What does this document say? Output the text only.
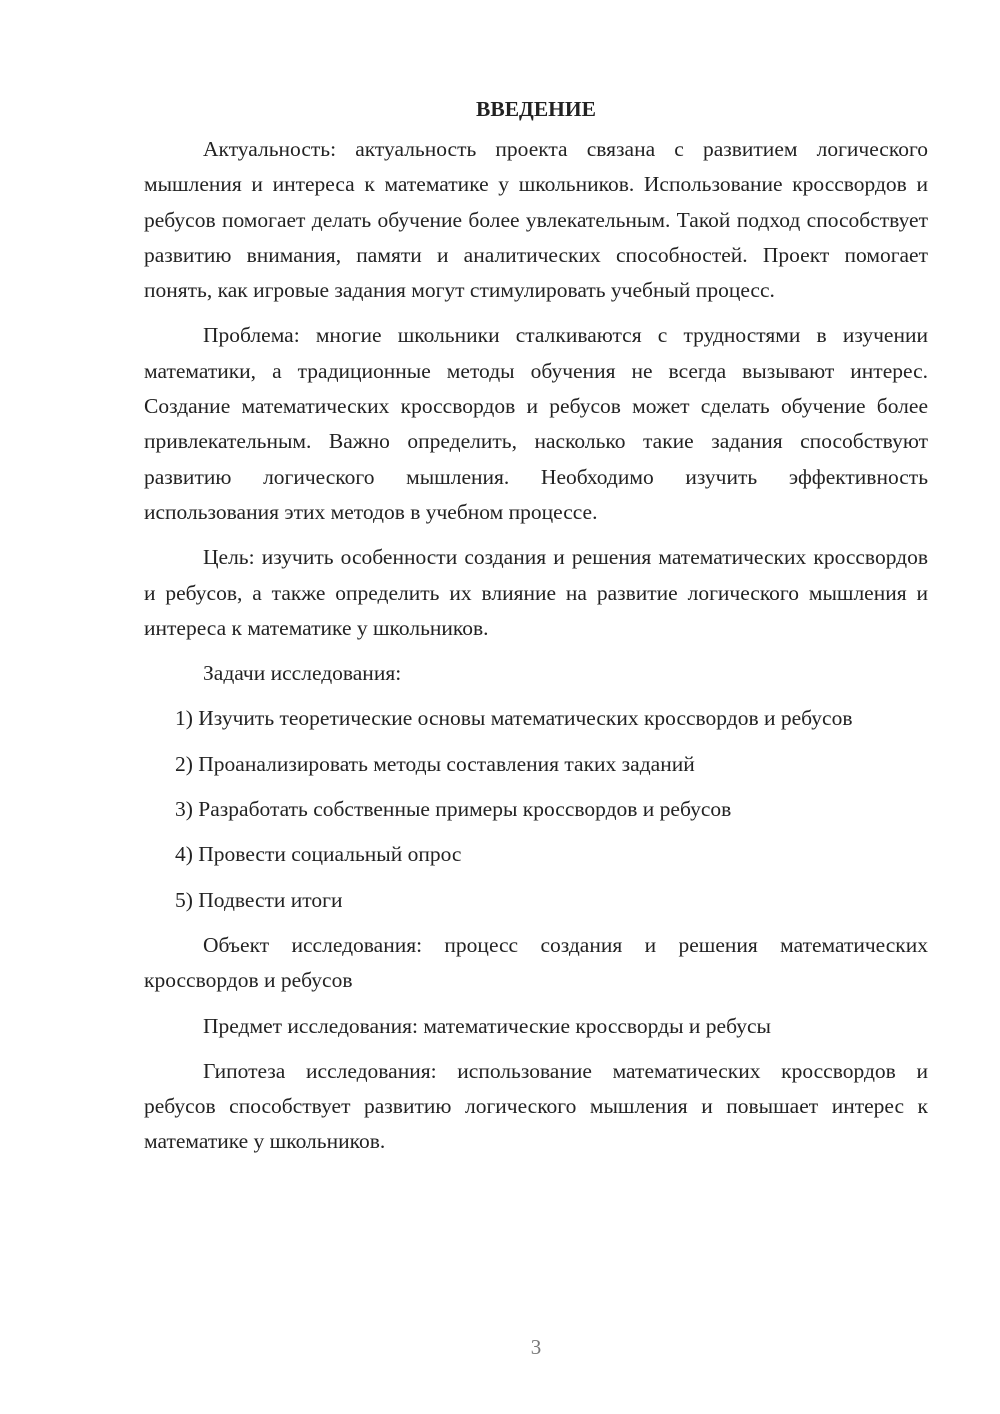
ВВЕДЕНИЕ

Актуальность: актуальность проекта связана с развитием логического мышления и интереса к математике у школьников. Использование кроссвордов и ребусов помогает делать обучение более увлекательным. Такой подход способствует развитию внимания, памяти и аналитических способностей. Проект помогает понять, как игровые задания могут стимулировать учебный процесс.

Проблема: многие школьники сталкиваются с трудностями в изучении математики, а традиционные методы обучения не всегда вызывают интерес. Создание математических кроссвордов и ребусов может сделать обучение более привлекательным. Важно определить, насколько такие задания способствуют развитию логического мышления. Необходимо изучить эффективность использования этих методов в учебном процессе.

Цель: изучить особенности создания и решения математических кроссвордов и ребусов, а также определить их влияние на развитие логического мышления и интереса к математике у школьников.

Задачи исследования:

1) Изучить теоретические основы математических кроссвордов и ребусов

2) Проанализировать методы составления таких заданий

3) Разработать собственные примеры кроссвордов и ребусов

4) Провести социальный опрос

5) Подвести итоги

Объект исследования: процесс создания и решения математических кроссвордов и ребусов

Предмет исследования: математические кроссворды и ребусы

Гипотеза исследования: использование математических кроссвордов и ребусов способствует развитию логического мышления и повышает интерес к математике у школьников.

3
